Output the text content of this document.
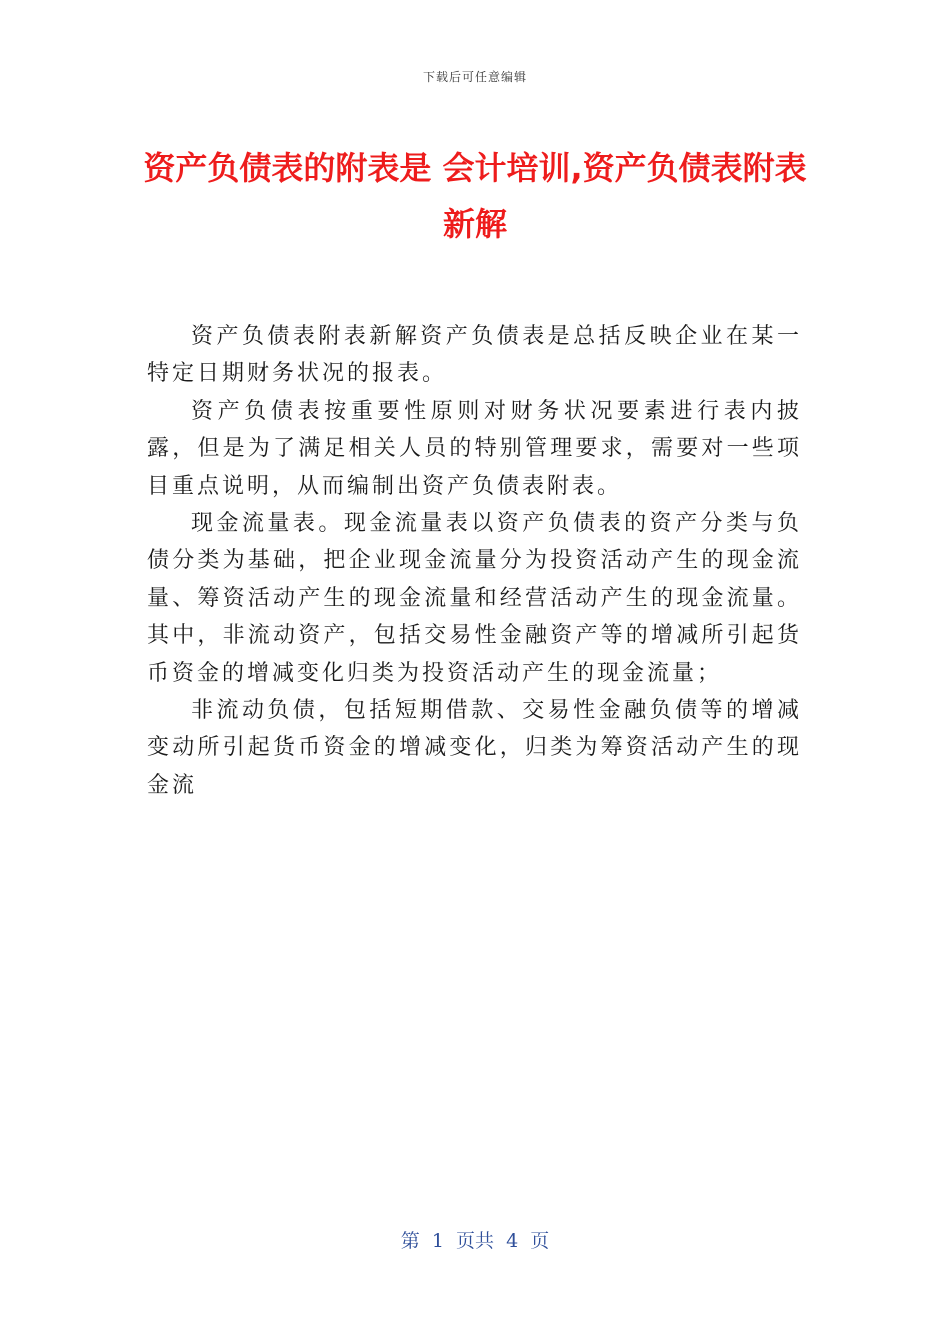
下载后可任意编辑
资产负债表的附表是 会计培训,资产负债表附表新解

资产负债表附表新解资产负债表是总括反映企业在某一特定日期财务状况的报表。

资产负债表按重要性原则对财务状况要素进行表内披露，但是为了满足相关人员的特别管理要求，需要对一些项目重点说明，从而编制出资产负债表附表。

现金流量表。现金流量表以资产负债表的资产分类与负债分类为基础，把企业现金流量分为投资活动产生的现金流量、筹资活动产生的现金流量和经营活动产生的现金流量。其中，非流动资产，包括交易性金融资产等的增减所引起货币资金的增减变化归类为投资活动产生的现金流量；

非流动负债，包括短期借款、交易性金融负债等的增减变动所引起货币资金的增减变化，归类为筹资活动产生的现金流

第  1  页共  4  页
